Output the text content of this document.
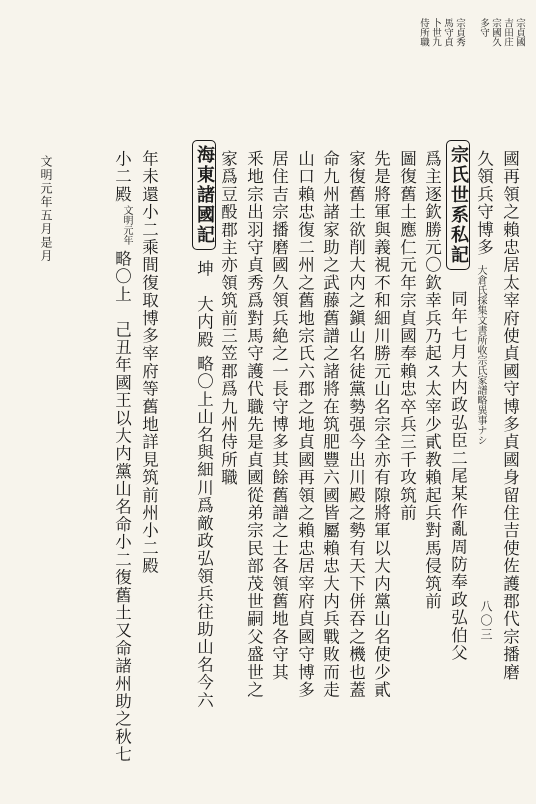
宗貞國
吉田庄
宗國久
多守
宗貞秀
馬守貞
卜世九
侍所職
國再領之賴忠居太宰府使貞國守博多貞國身留住吉使佐護郡代宗播磨
久領兵守博多
大倉氏採集文書所收宗氏家譜略異事ナシ
宗氏世系私記
同年七月大内政弘臣二尾某作亂周防奉政弘伯父
爲主逐欽勝元〇欽幸兵乃起ス太宰少貳教賴起兵對馬侵筑前
圖復舊土應仁元年宗貞國奉賴忠卒兵三千攻筑前
先是將軍與義視不和細川勝元山名宗全亦有隙將軍以大内黨山名使少貳
家復舊土欲削大内之鎭山名徒黨勢强今出川殿之勢有天下併吞之機也蓋
命九州諸家助之武藤舊譜之諸將在筑肥豐六國皆屬賴忠大内兵戰敗而走
山口賴忠復二州之舊地宗氏六郡之地貞國再領之賴忠居宰府貞國守博多
居住吉宗播磨國久領兵絶之一長守博多其餘舊譜之士各領舊地各守其
釆地宗出羽守貞秀爲對馬守護代職先是貞國從弟宗民部茂世嗣父盛世之
家爲豆酘郡主亦領筑前三笠郡爲九州侍所職
海東諸國記
坤　大内殿
略〇上山名與細川爲敵政弘領兵往助山名今六
年未還小二乘間復取博多宰府等舊地詳見筑前州小二殿
小二殿
文明元年
略〇上　己丑年國王以大内黨山名命小二復舊土又命諸州助之秋七
文明元年五月是月
八〇三
